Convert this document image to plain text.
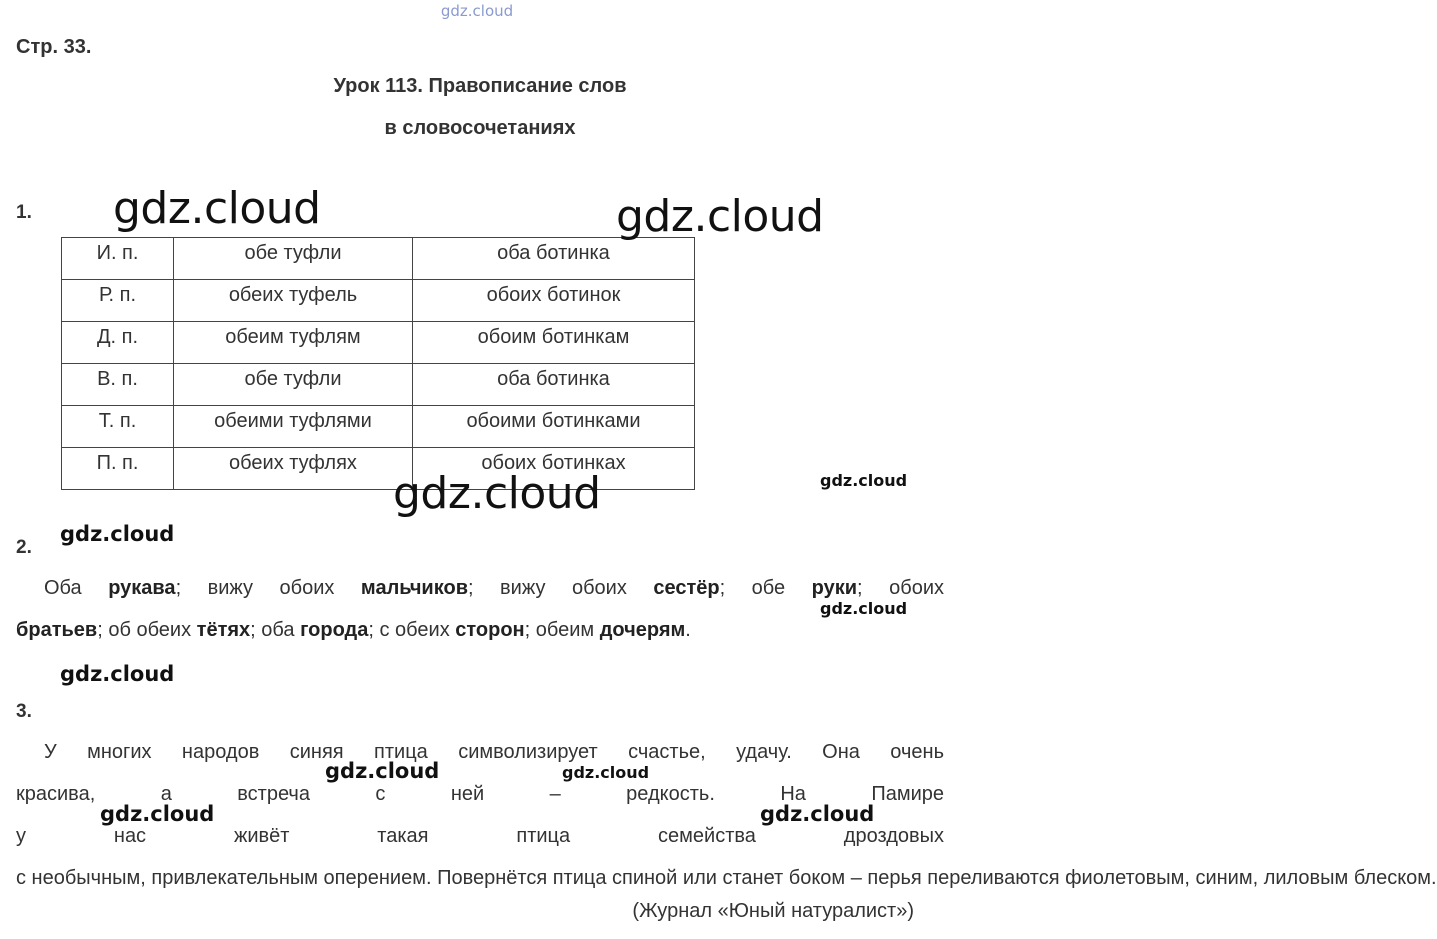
gdz.cloud
Стр. 33.
Урок 113. Правописание слов
в словосочетаниях
1.
И. п.	обе туфли	оба ботинка
Р. п.	обеих туфель	обоих ботинок
Д. п.	обеим туфлям	обоим ботинкам
В. п.	обе туфли	оба ботинка
Т. п.	обеими туфлями	обоими ботинками
П. п.	обеих туфлях	обоих ботинках
gdz.cloud	gdz.cloud
gdz.cloud	gdz.cloud
gdz.cloud
2.
Оба рукава; вижу обоих мальчиков; вижу обоих сестёр; обе руки; обоих
братьев; об обеих тётях; оба города; с обеих сторон; обеим дочерям.
gdz.cloud
gdz.cloud
3.
У многих народов синяя птица символизирует счастье, удачу. Она очень
красива, а встреча с ней – редкость. На Памире
у нас живёт такая птица семейства дроздовых
с необычным, привлекательным оперением. Повернётся птица спиной или станет боком – перья переливаются фиолетовым, синим, лиловым блеском.
gdz.cloud	gdz.cloud
gdz.cloud	gdz.cloud
(Журнал «Юный натуралист»)
